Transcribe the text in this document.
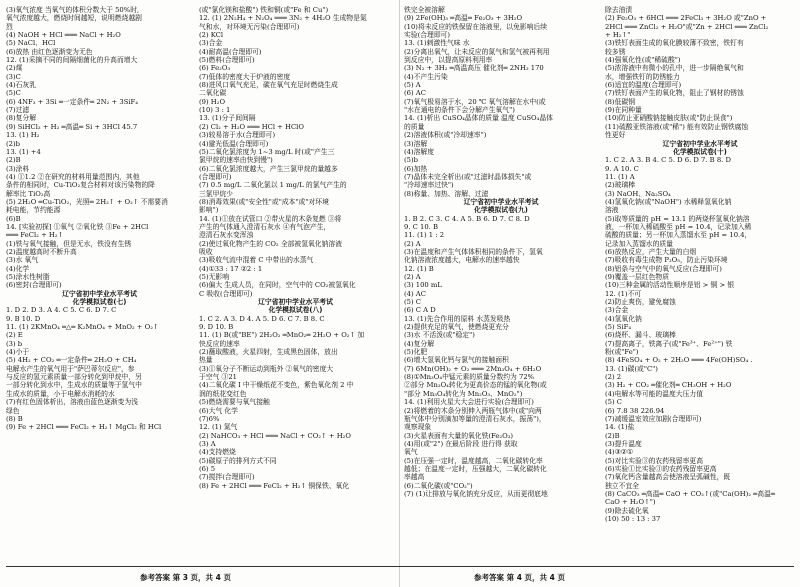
(3)氧气浓度 当氧气的体积分数大于 50%时,
氧气浓度越大，燃烧时间越短，说明燃烧越剧
烈
(4) NaOH + HCl ═══ NaCl + H₂O
(5) NaCl、HCl
(6)放热 由红色逐渐变为无色
12. (1)采摘不同的间隔细菌化的升高而增大
(2)煤
(3)C
(4)石灰乳
(5)C
(6) 4NF₃ + 3Si ═一定条件═ 2N₂ + 3SiF₄
(7)过滤
(8)复分解
(9) SiHCl₃ + H₂ ═高温═ Si + 3HCl 45.7
13. (1) H₂
(2)b
13. (1) +4
(2)B
(3)涂料
(4) ①1.2 ②在研究的材料用量范围内，其他
条件的相同时，Cu-TiO₂复合材料对该污染物的降
解率比 TiO₂高
(5) 2H₂O ═Cu-TiO₂，光照═ 2H₂↑ + O₂↑ 不需要消
耗电能，节约能源
(6)B
14. [实验初探] ①氧气 ②氧化铁 ③Fe + 2HCl
═══ FeCl₂ + H₂↑
(1)铁与氧气接触，但是无水，铁没有生锈
(2)温度越高时不断升高
(3)水 氧气
(4)化学
(5)涂水性树脂
(6)密封(合理即可)
辽宁省初中学业水平考试
化学模拟试卷(七)
1. D 2. D 3. A 4. C 5. C 6. D 7. C
9. B 10. D
11. (1) 2KMnO₄ ═△═ K₂MnO₄ + MnO₂ + O₂↑
(2) E
(3) b
(4)小于
(5) 4H₂ + CO₂ ═一定条件═ 2H₂O + CH₄
电解水产生的氧气用于"萨巴蒂尔反应"，参
与反应的氢元素质量一部分转化到甲烷中，另
一部分转化到水中，生成水的质量等于氢气中
生成水的质量，小于电解水消耗的水
(7)有红色固体析出，溶液由蓝色逐渐变为浅
绿色
(8) B
(9) Fe + 2HCl ═══ FeCl₂ + H₂↑ MgCl₂ 和 HCl
(或"氯化镁和盐酸") 铁和铜(或"Fe 和 Cu")
12. (1) 2N₂H₄ + N₂O₄ ═══ 3N₂ + 4H₂O 生成物是氮
气和水，对环境无污染(合理即可)
(2) KCl
(3)合金
(4)耐高温(合理即可)
(5)燃料(合理即可)
(6) Fe₂O₃
(7)低体的密度大于炉液的密度
(8)进风口氧气充足，碳在氧气充足时燃烧生成
二氧化碳
(9) H₂O
(10) 3 : 1
13. (1)分子间间隔
(2) Cl₂ + H₂O ═══ HCl + HClO
(3)较易溶于水(合理即可)
(4)避光低温(合理即可)
(5)二氧化氯浓度为 1~3 mg/L 时(或"产生三
氯甲烷的速率由快到慢")
(6)二氧化氯浓度越大，产生三氯甲烷的量越多
(合理即可)
(7) 0.5 mg/L 二氧化氯以 1 mg/L 的氯气产生的
三氯甲烷少
(8)消毒效果(或"安全性"或"成本"或"对环境
影响")
14. (1)①放在试管口 ②带火星的木条复燃 ③将
产生的气体通入澄清石灰水 ④有气泡产生，
澄清石灰水变浑浊
(2)使过氧化物产生的 CO₂ 全部被氢氧化钠溶液
吸收
(3)吸收气流中混着 C 中带出的水蒸气
(4)①33 : 17 ②2 : 1
(5)无影响
(6)偏大 生成人员，在同时，空气中的 CO₂被氢氧化
C 吸收(合理即可)
辽宁省初中学业水平考试
化学模拟试卷(八)
1. C 2. A 3. D 4. A 5. D 6. C 7. B 8. C
9. D 10. B
11. (1) B(或"BE") 2H₂O₂ ═MnO₂═ 2H₂O + O₂↑ 加
快反应的速率
(2)蘸取酸液，火星四射，生成黑色固体，放出
热量
(3)①氧分子不断运动到瓶外 ②氧气的密度大
于空气 ③21
(4)二氧化碳 I 中干燥纸花不变色，紫色氧化剂 2 中
润的纸花变红色
(5)燃烧需要与氧气接触
(6)大气 化学
(7)6%
12. (1) 氮气
(2) NaHCO₃ + HCl ═══ NaCl + CO₂↑ + H₂O
(3) A
(4)支持燃烧
(5)碳原子的排列方式不同
(6) 5
(7)搅拌(合理即可)
(8) Fe + 2HCl ═══ FeCl₂ + H₂↑ 铜保铁、氧化
铁完全被溶解
(9) 2Fe(OH)₃ ═高温═ Fe₂O₃ + 3H₂O
(10)将未反应的铁保留在溶液里，以免影响后续
实验(合理即可)
13. (1)刺激性气味 水
(2)分离出氧气，让未反应的氮气和氢气被再利用
到反应中，以提高原料利用率
(3) N₂ + 3H₂ ═高温高压 催化剂═ 2NH₃ 170
(4)不产生污染
(5) A
(6) AC
(7)氧气极易溶于水，20 ℃ 氧气溶解在水中(或
"水在通电的条件下会分解产生氧气")
14. (1)析出 CuSO₄晶体的质量 温度 CuSO₄晶体
的质量
(2)溶液体积(或"冷却速率")
(3)溶解
(4)溶解度
(5)b
(6)加热
(7)晶体未完全析出(或"过滤时晶体损失"或
"冷却速率过快")
(8)称量、加热、溶解、过滤
辽宁省初中学业水平考试
化学模拟试卷(九)
1. B 2. C 3. C 4. A 5. B 6. D 7. C 8. D
9. C 10. B
11. (1) 1 : 2
(2) A
(3)在温度和产生气体体积相同的条件下，氢氧
化钠溶液浓度越大，电解水的速率越快
12. (1) B
(2) A
(3) 100 mL
(4) AC
(5) C
(6) C A D
13. (1)先合作用的原料 水蒸发吸热
(2)提供充足的氧气，使燃烧更充分
(3)水 不活泼(或"稳定")
(4)复分解
(5)化肥
(6)增大氢氧化钙与氯气的接触面积
(7) 6Mn(OH)₂ + O₂ ═══ 2Mn₃O₄ + 6H₂O
(8)①Mn₃O₄中锰元素的质量分数约为 72%
②部分 Mn₃O₄转化为更高价态的锰的氧化物(或
"部分 Mn₃O₄转化为 Mn₂O₃、MnO₂")
14. (1)利用火星大大会进行实验(合理即可)
(2)将燃着的木条分别伸入两瓶气体中(或"向两
瓶气体中分别滴加等量的澄清石灰水，振荡")，
观察现象
(3)火星表面有大量的氧化铁(Fe₂O₃)
(4)用(或"2") 在最后阶段 进行得 获取
氧气
(5)在压强一定时，温度越高，二氧化碳转化率
越低；在温度一定时，压强越大，二氧化碳转化
率越高
(6)二氧化碳(或"CO₂")
(7) (1)让排放与氧化钠充分反应，从而更彻底地
除去油渍
(2) Fe₂O₃ + 6HCl ═══ 2FeCl₃ + 3H₂O 或"ZnO +
2HCl ═══ ZnCl₂ + H₂O"或"Zn + 2HCl ═══ ZnCl₂
+ H₂↑"
(3)铁钉表面生成的氧化膜较薄不致密，铁钉有
较多锈
(4)强氧化性(或"稀硫酸")
(5)浓溶液中有微小的孔中，进一步隔绝氧气和
水，增强铁钉的防锈能力
(6)适宜的温度(合理即可)
(7)铁钉表面产生的氧化物，阻止了钢材的锈蚀
(8)低碳钢
(9)在同种量
(10)防止亚硝酸钠接触皮肤(或"防止误食")
(11)硫酸亚铁溶液(或"稀") 能有效防止钢铁腐蚀
性更好
辽宁省初中学业水平考试
化学模拟试卷(十)
1. C 2. A 3. B 4. C 5. D 6. D 7. B 8. D
9. A 10. C
11. (1) A
(2)玻璃棒
(3) NaOH、Na₂SO₄
(4)氢氧化钠(或"NaOH") 水稀释氢氧化钠
溶液
(5)取等质量的 pH = 13.1 的两烧杯氢氧化钠溶
液，一杯加入稀硫酸至 pH = 10.4，记录加入稀
硫酸的质量；另一杯加入蒸馏水至 pH = 10.4，
记录加入蒸馏水的质量
(6)放热反应，产生大量的白烟
(7)吸收有毒生成物 P₂O₅，防止污染环境
(8)铝条与空气中的氧气反应(合理即可)
(9)覆盖一层红色物质
(10)三种金属的活动性顺序是铝 > 铜 > 银
12. (1)不可
(2)防止爽伤，避免腐蚀
(3)合金
(4)氢氧化钠
(5) SiF₄
(6)烧杯、漏斗、玻璃棒
(7)提高离子，铁离子(或"Fe³⁺、Fe²⁺") 铁
粉(或"Fe")
(8) 4FeSO₄ + O₂ + 2H₂O ═══ 4Fe(OH)SO₄ .
13. (1)碳(或"C")
(2) 2
(3) H₂ + CO₂ ═催化剂═ CH₃OH + H₂O
(4)电解水等可能的温度大压力值
(5) C
(6) 7.8 38 226.94
(7)减缓温室效应加剧(合理即可)
14. (1)盐
(2)B
(3)提升温度
(4)③②①
(5)对比实验③的农药残留率更高
(6)实验①比实验③的农药残留率更高
(7)氧化钙含量越高会使溶液呈弧碱性，既
独立不宜全
(8) CaCO₃ ═高温═ CaO + CO₂↑(或"Ca(OH)₂ ═高温═
CaO + H₂O↑")
(9)除去硫化氧
(10) 50 : 13 : 37
参考答案 第 3 页，共 4 页	参考答案 第 4 页，共 4 页
